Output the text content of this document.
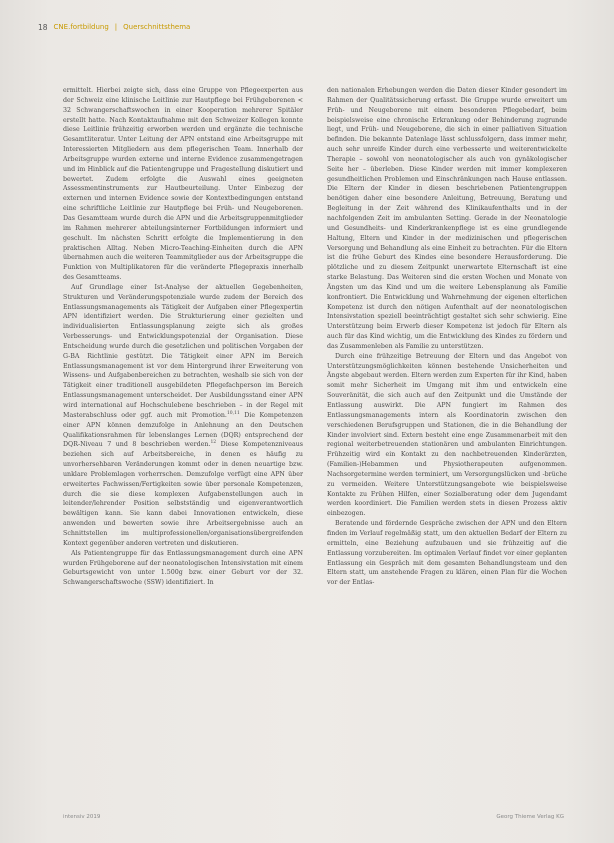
18 CNE.fortbildung | Querschnittsthema

ermittelt. Hierbei zeigte sich, dass eine Gruppe von Pflegeexperten aus der Schweiz eine klinische Leitlinie zur Hautpflege bei Frühgeborenen < 32 Schwangerschaftswochen in einer Kooperation mehrerer Spitäler erstellt hatte. Nach Kontaktaufnahme mit den Schweizer Kollegen konnte diese Leitlinie frühzeitig erworben werden und ergänzte die technische Gesamtliteratur. Unter Leitung der APN entstand eine Arbeitsgruppe mit Interessierten Mitgliedern aus dem pflegerischen Team. Innerhalb der Arbeitsgruppe wurden externe und interne Evidence zusammengetragen und im Hinblick auf die Patientengruppe und Fragestellung diskutiert und bewertet. Zudem erfolgte die Auswahl eines geeigneten Assessmentinstruments zur Hautbeurteilung. Unter Einbezug der externen und internen Evidence sowie der Kontextbedingungen entstand eine schriftliche Leitlinie zur Hautpflege bei Früh- und Neugeborenen. Das Gesamtteam wurde durch die APN und die Arbeitsgruppenmitglieder im Rahmen mehrerer abteilungsinterner Fortbildungen informiert und geschult. Im nächsten Schritt erfolgte die Implementierung in den praktischen Alltag. Neben Micro-Teaching-Einheiten durch die APN übernahmen auch die weiteren Teammitglieder aus der Arbeitsgruppe die Funktion von Multiplikatoren für die veränderte Pflegepraxis innerhalb des Gesamtteams.

Auf Grundlage einer Ist-Analyse der aktuellen Gegebenheiten, Strukturen und Veränderungspotenziale wurde zudem der Bereich des Entlassungsmanagements als Tätigkeit der Aufgaben einer Pflegexpertin APN identifiziert werden. Die Strukturierung einer gezielten und individualisierten Entlassungsplanung zeigte sich als großes Verbesserungs- und Entwicklungspotenzial der Organisation. Diese Entscheidung wurde durch die gesetzlichen und politischen Vorgaben der G-BA Richtlinie gestützt. Die Tätigkeit einer APN im Bereich Entlassungsmanagement ist vor dem Hintergrund ihrer Erweiterung von Wissens- und Aufgabenbereichen zu betrachten, weshalb sie sich von der Tätigkeit einer traditionell ausgebildeten Pflegefachperson im Bereich Entlassungsmanagement unterscheidet. Der Ausbildungsstand einer APN wird international auf Hochschulebene beschrieben – in der Regel mit Masterabschluss oder ggf. auch mit Promotion.$^{10,11}$ Die Kompetenzen einer APN können demzufolge in Anlehnung an den Deutschen Qualifikationsrahmen für lebenslanges Lernen (DQR) entsprechend der DQR-Niveau 7 und 8 beschrieben werden.$^{12}$ Diese Kompetenzniveaus beziehen sich auf Arbeitsbereiche, in denen es häufig zu unvorhersehbaren Veränderungen kommt oder in denen neuartige bzw. unklare Problemlagen vorherrschen. Demzufolge verfügt eine APN über erweitertes Fachwissen/Fertigkeiten sowie über personale Kompetenzen, durch die sie diese komplexen Aufgabenstellungen auch in leitender/lehrender Position selbstständig und eigenverantwortlich bewältigen kann. Sie kann dabei Innovationen entwickeln, diese anwenden und bewerten sowie ihre Arbeitsergebnisse auch an Schnittstellen im multiprofessionellen/organisationsübergreifenden Kontext gegenüber anderen vertreten und diskutieren.

Als Patientengruppe für das Entlassungsmanagement durch eine APN wurden Frühgeborene auf der neonatologischen Intensivstation mit einem Geburtsgewicht von unter 1.500g bzw. einer Geburt vor der 32. Schwangerschaftswoche (SSW) identifiziert. In

den nationalen Erhebungen werden die Daten dieser Kinder gesondert im Rahmen der Qualitätssicherung erfasst. Die Gruppe wurde erweitert um Früh- und Neugeborene mit einem besonderen Pflegebedarf, beim beispielsweise eine chronische Erkrankung oder Behinderung zugrunde liegt, und Früh- und Neugeborene, die sich in einer palliativen Situation befinden. Die bekannte Datenlage lässt schlussfolgern, dass immer mehr, auch sehr unreife Kinder durch eine verbesserte und weiterentwickelte Therapie – sowohl von neonatologischer als auch von gynäkologischer Seite her – überleben. Diese Kinder werden mit immer komplexeren gesundheitlichen Problemen und Einschränkungen nach Hause entlassen. Die Eltern der Kinder in diesen beschriebenen Patientengruppen benötigen daher eine besondere Anleitung, Betreuung, Beratung und Begleitung in der Zeit während des Klinikaufenthalts und in der nachfolgenden Zeit im ambulanten Setting. Gerade in der Neonatologie und Gesundheits- und Kinderkrankenpflege ist es eine grundlegende Haltung, Eltern und Kinder in der medizinischen und pflegerischen Versorgung und Behandlung als eine Einheit zu betrachten. Für die Eltern ist die frühe Geburt des Kindes eine besondere Herausforderung. Die plötzliche und zu diesem Zeitpunkt unerwartete Elternschaft ist eine starke Belastung. Das Weiteren sind die ersten Wochen und Monate von Ängsten um das Kind und um die weitere Lebensplanung als Familie konfrontiert. Die Entwicklung und Wahrnehmung der eigenen elterlichen Kompetenz ist durch den nötigen Aufenthalt auf der neonatologischen Intensivstation speziell beeinträchtigt gestaltet sich sehr schwierig. Eine Unterstützung beim Erwerb dieser Kompetenz ist jedoch für Eltern als auch für das Kind wichtig, um die Entwicklung des Kindes zu fördern und das Zusammenleben als Familie zu unterstützen.

Durch eine frühzeitige Betreuung der Eltern und das Angebot von Unterstützungsmöglichkeiten können bestehende Unsicherheiten und Ängste abgebaut werden. Eltern werden zum Experten für ihr Kind, haben somit mehr Sicherheit im Umgang mit ihm und entwickeln eine Souveränität, die sich auch auf den Zeitpunkt und die Umstände der Entlassung auswirkt. Die APN fungiert im Rahmen des Entlassungsmanagements intern als Koordinatorin zwischen den verschiedenen Berufsgruppen und Stationen, die in die Behandlung der Kinder involviert sind. Extern besteht eine enge Zusammenarbeit mit den regional weiterbetreuenden stationären und ambulanten Einrichtungen. Frühzeitig wird ein Kontakt zu den nachbetreuenden Kinderärzten, (Familien-)Hebammen und Physiotherapeuten aufgenommen. Nachsorgetermine werden terminiert, um Versorgungslücken und -brüche zu vermeiden. Weitere Unterstützungsangebote wie beispielsweise Kontakte zu Frühen Hilfen, einer Sozialberatung oder dem Jugendamt werden koordiniert. Die Familien werden stets in diesen Prozess aktiv einbezogen.

Beratende und fördernde Gespräche zwischen der APN und den Eltern finden im Verlauf regelmäßig statt, um den aktuellen Bedarf der Eltern zu ermitteln, eine Beziehung aufzubauen und sie frühzeitig auf die Entlassung vorzubereiten. Im optimalen Verlauf findet vor einer geplanten Entlassung ein Gespräch mit dem gesamten Behandlungsteam und den Eltern statt, um anstehende Fragen zu klären, einen Plan für die Wochen vor der Entlas-

intensiv 2019	Georg Thieme Verlag KG
